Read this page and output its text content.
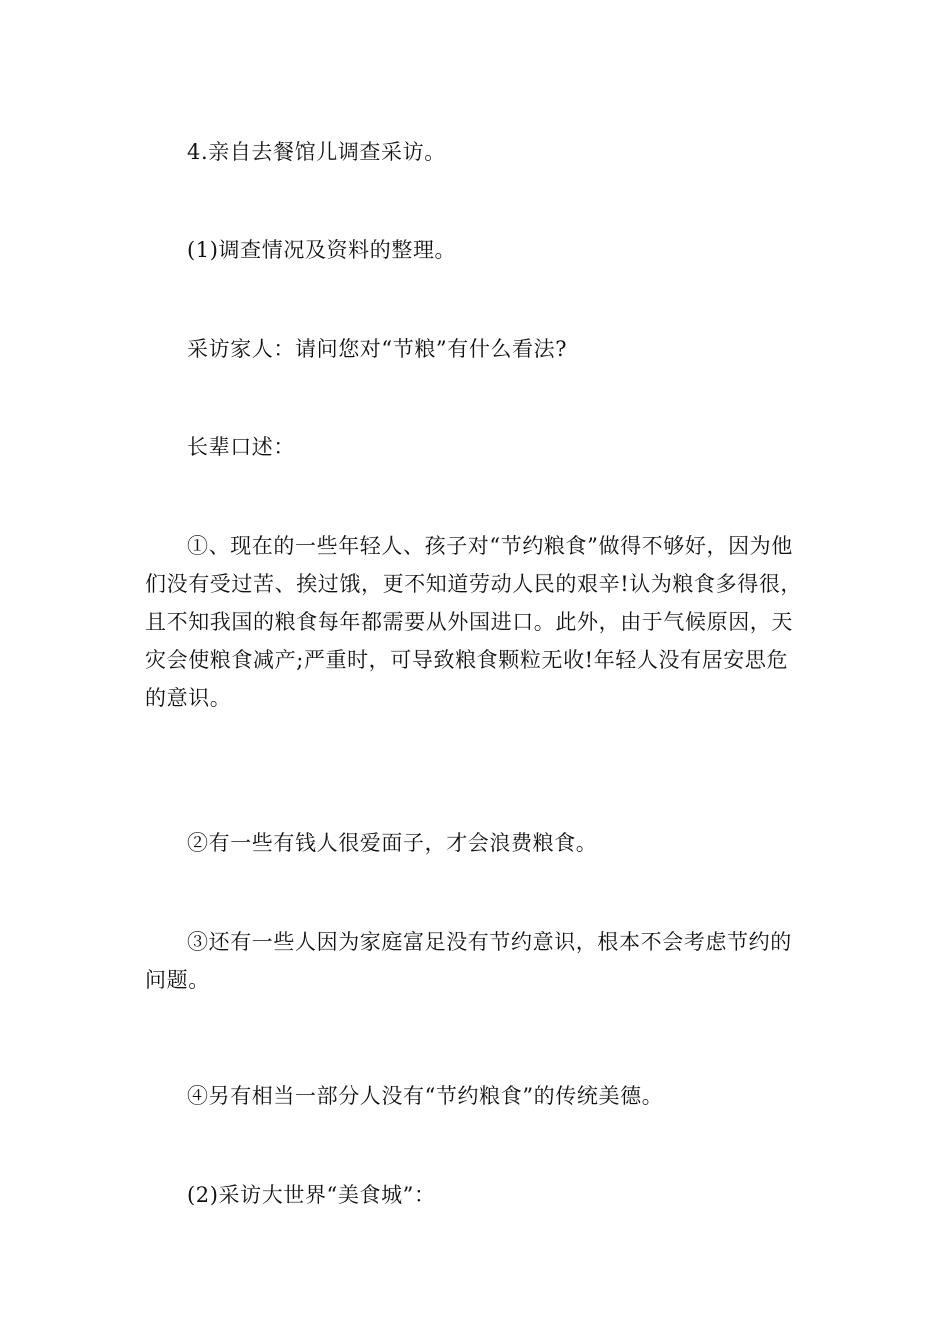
4.亲自去餐馆儿调查采访。

(1)调查情况及资料的整理。

采访家人：请问您对“节粮”有什么看法?

长辈口述：

①、现在的一些年轻人、孩子对“节约粮食”做得不够好，因为他们没有受过苦、挨过饿，更不知道劳动人民的艰辛!认为粮食多得很，且不知我国的粮食每年都需要从外国进口。此外，由于气候原因，天灾会使粮食减产;严重时，可导致粮食颗粒无收!年轻人没有居安思危的意识。

②有一些有钱人很爱面子，才会浪费粮食。

③还有一些人因为家庭富足没有节约意识，根本不会考虑节约的问题。

④另有相当一部分人没有“节约粮食”的传统美德。

(2)采访大世界“美食城”：
